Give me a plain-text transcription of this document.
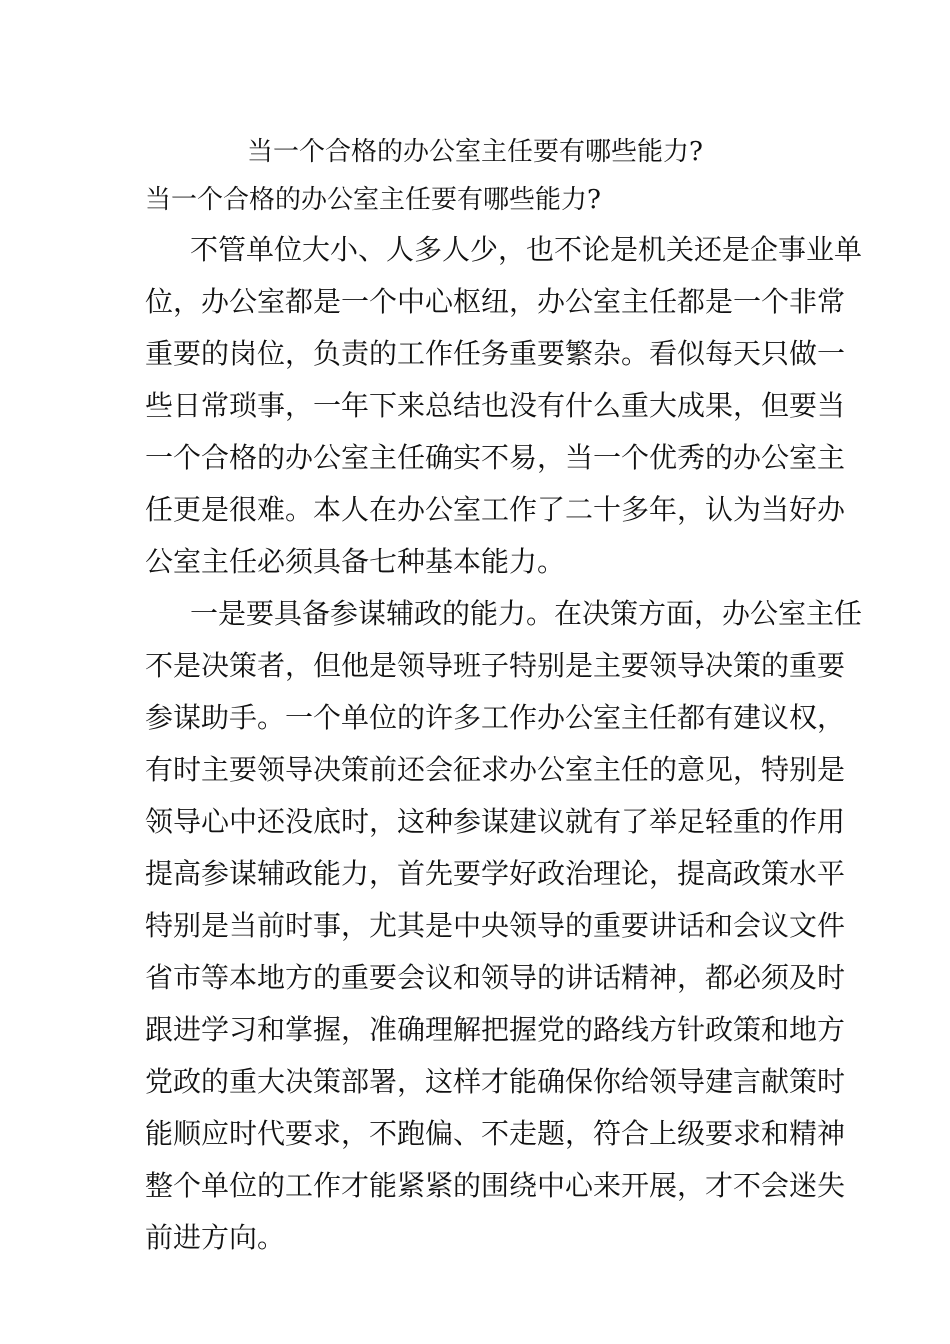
当一个合格的办公室主任要有哪些能力?
当一个合格的办公室主任要有哪些能力?
不管单位大小、人多人少，也不论是机关还是企事业单
位，办公室都是一个中心枢纽，办公室主任都是一个非常
重要的岗位，负责的工作任务重要繁杂。看似每天只做一
些日常琐事，一年下来总结也没有什么重大成果，但要当
一个合格的办公室主任确实不易，当一个优秀的办公室主
任更是很难。本人在办公室工作了二十多年，认为当好办
公室主任必须具备七种基本能力。
一是要具备参谋辅政的能力。在决策方面，办公室主任
不是决策者，但他是领导班子特别是主要领导决策的重要
参谋助手。一个单位的许多工作办公室主任都有建议权，
有时主要领导决策前还会征求办公室主任的意见，特别是
领导心中还没底时，这种参谋建议就有了举足轻重的作用
提高参谋辅政能力，首先要学好政治理论，提高政策水平
特别是当前时事，尤其是中央领导的重要讲话和会议文件
省市等本地方的重要会议和领导的讲话精神，都必须及时
跟进学习和掌握，准确理解把握党的路线方针政策和地方
党政的重大决策部署，这样才能确保你给领导建言献策时
能顺应时代要求，不跑偏、不走题，符合上级要求和精神
整个单位的工作才能紧紧的围绕中心来开展，才不会迷失
前进方向。
